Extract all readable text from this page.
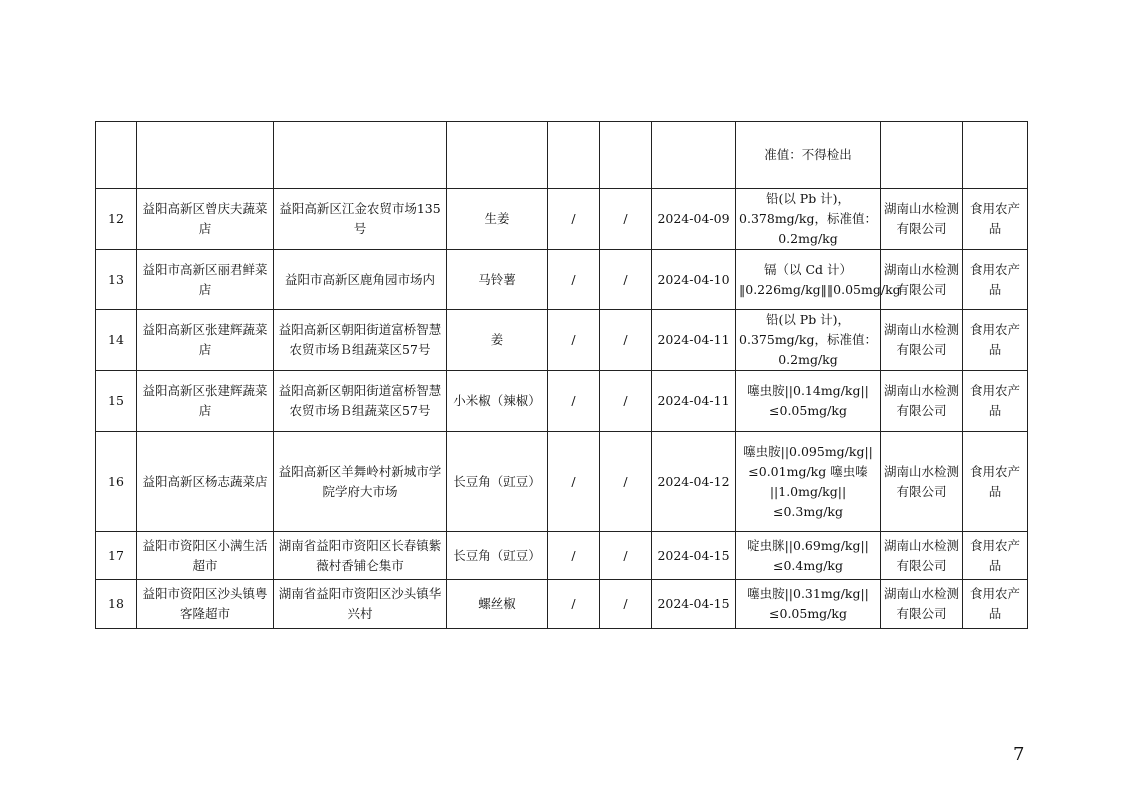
							准值：不得检出		
12	益阳高新区曾庆夫蔬菜店	益阳高新区江金农贸市场135号	生姜	/	/	2024-04-09	铅(以 Pb 计)，0.378mg/kg，标准值：0.2mg/kg	湖南山水检测有限公司	食用农产品
13	益阳市高新区丽君鲜菜店	益阳市高新区鹿角园市场内	马铃薯	/	/	2024-04-10	镉（以 Cd 计）‖0.226mg/kg‖‖0.05mg/kg	湖南山水检测有限公司	食用农产品
14	益阳高新区张建辉蔬菜店	益阳高新区朝阳街道富桥智慧农贸市场Ｂ组蔬菜区57号	姜	/	/	2024-04-11	铅(以 Pb 计)，0.375mg/kg，标准值：0.2mg/kg	湖南山水检测有限公司	食用农产品
15	益阳高新区张建辉蔬菜店	益阳高新区朝阳街道富桥智慧农贸市场Ｂ组蔬菜区57号	小米椒（辣椒）	/	/	2024-04-11	噻虫胺||0.14mg/kg||≤0.05mg/kg	湖南山水检测有限公司	食用农产品
16	益阳高新区杨志蔬菜店	益阳高新区羊舞岭村新城市学院学府大市场	长豆角（豇豆）	/	/	2024-04-12	噻虫胺||0.095mg/kg||≤0.01mg/kg 噻虫嗪 ||1.0mg/kg||≤0.3mg/kg	湖南山水检测有限公司	食用农产品
17	益阳市资阳区小满生活超市	湖南省益阳市资阳区长春镇紫薇村香铺仑集市	长豆角（豇豆）	/	/	2024-04-15	啶虫脒||0.69mg/kg||≤0.4mg/kg	湖南山水检测有限公司	食用农产品
18	益阳市资阳区沙头镇粤客隆超市	湖南省益阳市资阳区沙头镇华兴村	螺丝椒	/	/	2024-04-15	噻虫胺||0.31mg/kg||≤0.05mg/kg	湖南山水检测有限公司	食用农产品
7
